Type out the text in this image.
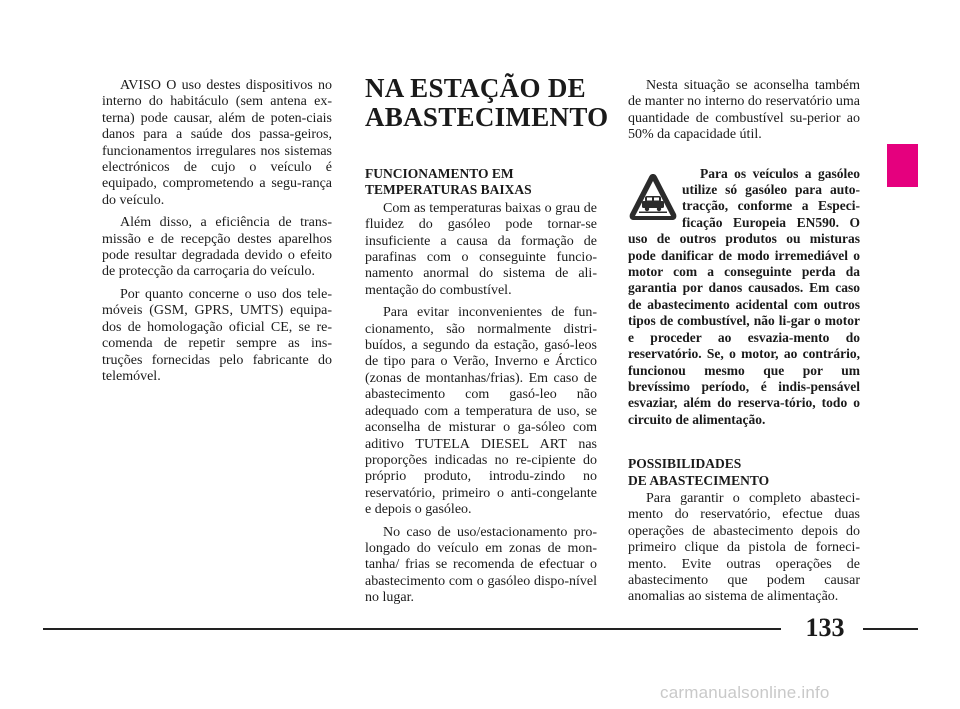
AVISO O uso destes dispositivos no interno do habitáculo (sem antena ex-terna) pode causar, além de poten-ciais danos para a saúde dos passa-geiros, funcionamentos irregulares nos sistemas electrónicos de cujo o veículo é equipado, comprometendo a segu-rança do veículo.

Além disso, a eficiência de trans-missão e de recepção destes aparelhos pode resultar degradada devido o efeito de protecção da carroçaria do veículo.

Por quanto concerne o uso dos tele-móveis (GSM, GPRS, UMTS) equipa-dos de homologação oficial CE, se re-comenda de repetir sempre as ins-truções fornecidas pelo fabricante do telemóvel.

NA ESTAÇÃO DE
ABASTECIMENTO
FUNCIONAMENTO EM
TEMPERATURAS BAIXAS

Com as temperaturas baixas o grau de fluidez do gasóleo pode tornar-se insuficiente a causa da formação de parafinas com o conseguinte funcio-namento anormal do sistema de ali-mentação do combustível.

Para evitar inconvenientes de fun-cionamento, são normalmente distri-buídos, a segundo da estação, gasó-leos de tipo para o Verão, Inverno e Árctico (zonas de montanhas/frias). Em caso de abastecimento com gasó-leo não adequado com a temperatura de uso, se aconselha de misturar o ga-sóleo com aditivo TUTELA DIESEL ART nas proporções indicadas no re-cipiente do próprio produto, introdu-zindo no reservatório, primeiro o anti-congelante e depois o gasóleo.

No caso de uso/estacionamento pro-longado do veículo em zonas de mon-tanha/ frias se recomenda de efectuar o abastecimento com o gasóleo dispo-nível no lugar.

Nesta situação se aconselha também de manter no interno do reservatório uma quantidade de combustível su-perior ao 50% da capacidade útil.

Para os veículos a gasóleo utilize só gasóleo para auto-tracção, conforme a Especi-ficação Europeia EN590. O uso de outros produtos ou misturas pode danificar de modo irremediável o motor com a conseguinte perda da garantia por danos causados. Em caso de abastecimento acidental com outros tipos de combustível, não li-gar o motor e proceder ao esvazia-mento do reservatório. Se, o motor, ao contrário, funcionou mesmo que por um brevíssimo período, é indis-pensável esvaziar, além do reserva-tório, todo o circuito de alimentação.

POSSIBILIDADES
DE ABASTECIMENTO

Para garantir o completo abasteci-mento do reservatório, efectue duas operações de abastecimento depois do primeiro clique da pistola de forneci-mento. Evite outras operações de abastecimento que podem causar anomalias ao sistema de alimentação.

133
carmanualsonline.info
